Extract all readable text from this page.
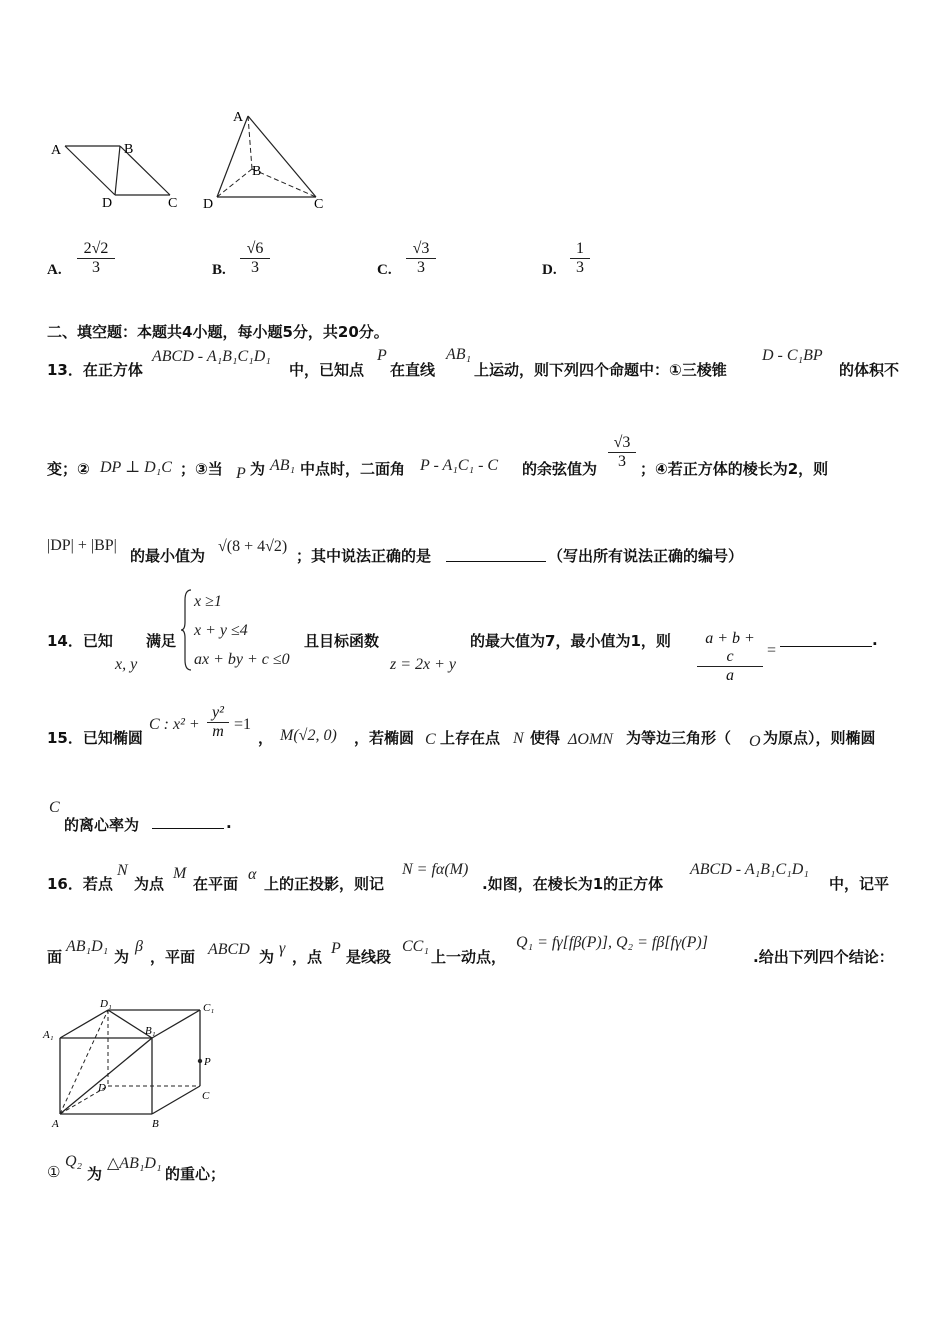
A	B
D	C
A
B
D	C
A.
2√2
3	B.
√6
3	C.
√3
3	D.
1
3
二、填空题：本题共4小题，每小题5分，共20分。
13．在正方体
ABCD - A₁B₁C₁D₁
中，已知点
P
在直线
AB₁
上运动，则下列四个命题中：①三棱锥
D - C₁BP
的体积不
变；② DP ⊥ D₁C ；③当 P 为 AB₁ 中点时，二面角 P - A₁C₁ - C 的余弦值为
√3
3 ；④若正方体的棱长为2，则
|DP| + |BP|
的最小值为
√(8 + 4√2)
；其中说法正确的是	（写出所有说法正确的编号）
14．已知
x, y
满足
x ≥1
x + y ≤4
ax + by + c ≤0
且目标函数
z = 2x + y
的最大值为7，最小值为1，则	a + b + c
a
=
.
15．已知椭圆
C : x² +
y²
m =1
， M(√2, 0) ，若椭圆 C 上存在点 N 使得 ΔOMN 为等边三角形（ O 为原点），则椭圆
C
的离心率为	.
16．若点
N
为点
M
在平面
α
上的正投影，则记
N = fα(M)
.如图，在棱长为1的正方体
ABCD - A₁B₁C₁D₁
中，记平
面
AB₁D₁
为
β
，平面 ABCD 为 γ ，点 P 是线段
CC₁
上一动点，
Q₁ = fγ[fβ(P)], Q₂ = fβ[fγ(P)]
.给出下列四个结论：
D₁	C₁
A₁	B₁
P
D
C
A	B
①
Q₂
为
△AB₁D₁
的重心；
